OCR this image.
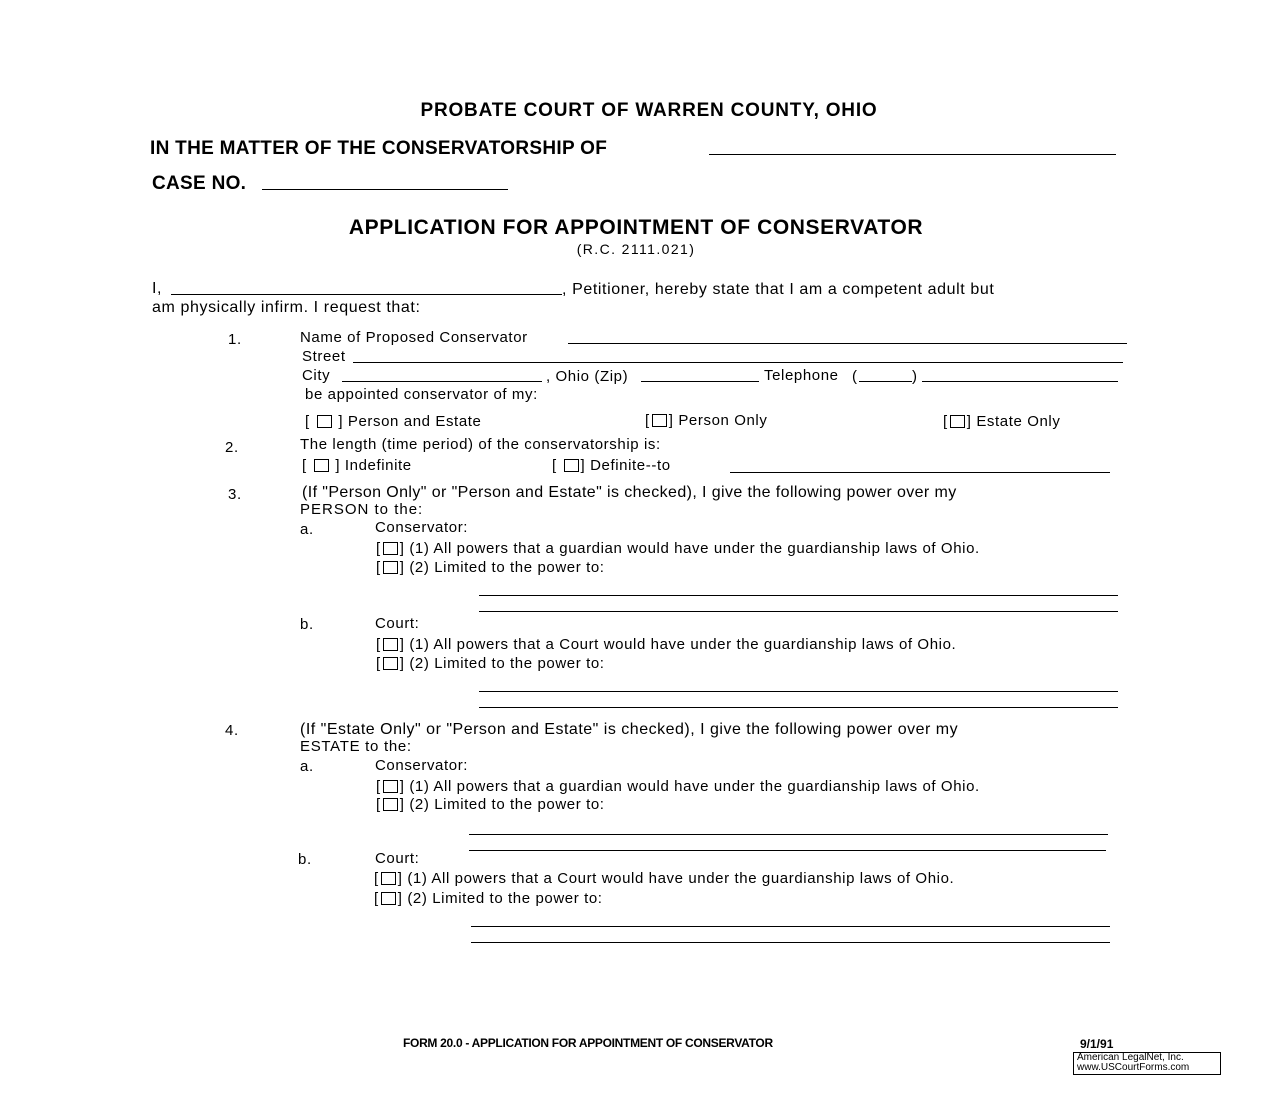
PROBATE COURT OF WARREN COUNTY, OHIO
IN THE MATTER OF THE CONSERVATORSHIP OF
CASE NO.
APPLICATION FOR APPOINTMENT OF CONSERVATOR
(R.C. 2111.021)
I,	, Petitioner, hereby state that I am a competent adult but
am physically infirm. I request that:
1.	Name of Proposed Conservator
Street
City	, Ohio (Zip)	Telephone (	)
be appointed conservator of my:
[  ] Person and Estate	[ ] Person Only	[ ] Estate Only
2.	The length (time period) of the conservatorship is:
[  ] Indefinite	[ ] Definite--to
3.	(If "Person Only" or "Person and Estate" is checked), I give the following power over my
PERSON to the:
a.	Conservator:
[ ] (1) All powers that a guardian would have under the guardianship laws of Ohio.
[ ] (2) Limited to the power to:
b.	Court:
[ ] (1) All powers that a Court would have under the guardianship laws of Ohio.
[ ] (2) Limited to the power to:
4.	(If "Estate Only" or "Person and Estate" is checked), I give the following power over my
ESTATE to the:
a.	Conservator:
[ ] (1) All powers that a guardian would have under the guardianship laws of Ohio.
[ ] (2) Limited to the power to:
b.	Court:
[ ] (1) All powers that a Court would have under the guardianship laws of Ohio.
[ ] (2) Limited to the power to:
FORM 20.0 - APPLICATION FOR APPOINTMENT OF CONSERVATOR	9/1/91
American LegalNet, Inc.
www.USCourtForms.com
